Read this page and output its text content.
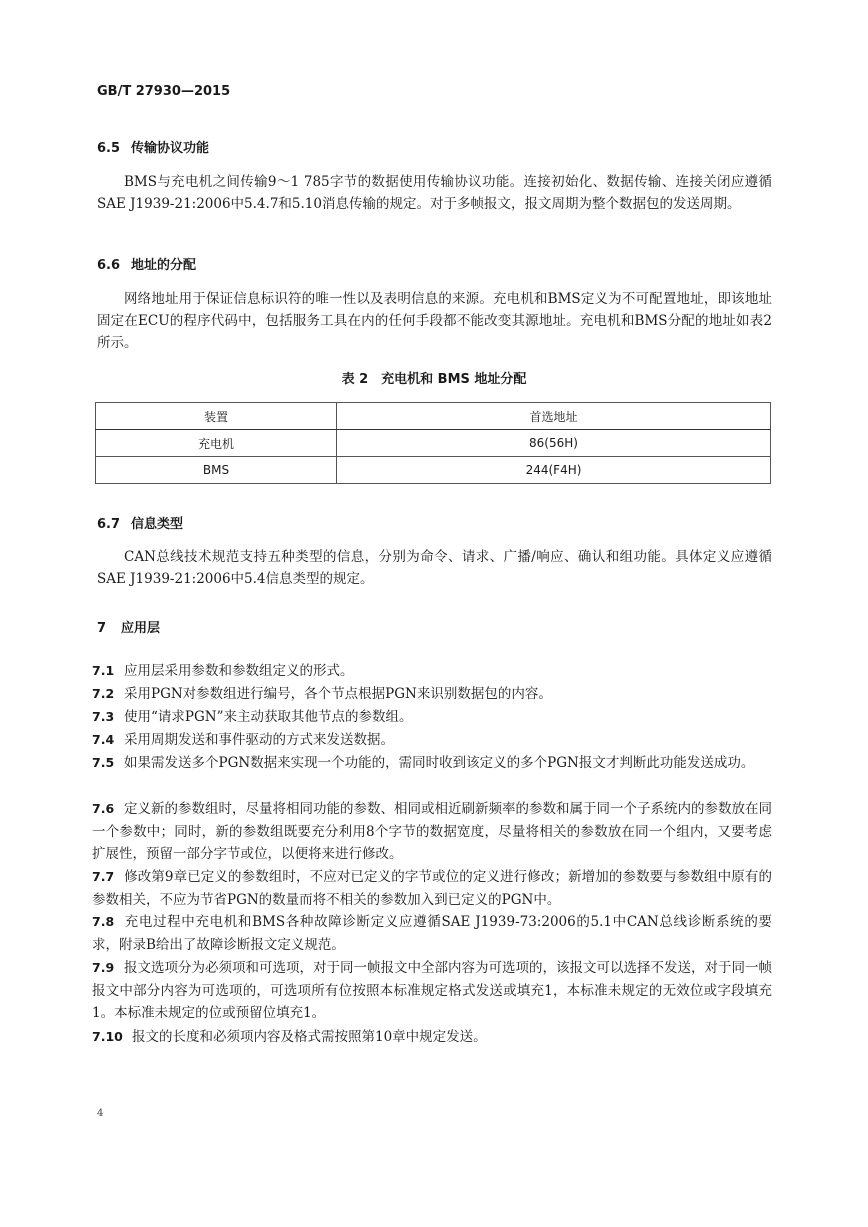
GB/T 27930—2015
6.5 传输协议功能
BMS与充电机之间传输9～1 785字节的数据使用传输协议功能。连接初始化、数据传输、连接关闭应遵循SAE J1939-21:2006中5.4.7和5.10消息传输的规定。对于多帧报文，报文周期为整个数据包的发送周期。
6.6 地址的分配
网络地址用于保证信息标识符的唯一性以及表明信息的来源。充电机和BMS定义为不可配置地址，即该地址固定在ECU的程序代码中，包括服务工具在内的任何手段都不能改变其源地址。充电机和BMS分配的地址如表2所示。
表 2　充电机和 BMS 地址分配
装置	首选地址
充电机	86(56H)
BMS	244(F4H)
6.7 信息类型
CAN总线技术规范支持五种类型的信息，分别为命令、请求、广播/响应、确认和组功能。具体定义应遵循SAE J1939-21:2006中5.4信息类型的规定。
7 应用层
7.1 应用层采用参数和参数组定义的形式。
7.2 采用PGN对参数组进行编号，各个节点根据PGN来识别数据包的内容。
7.3 使用“请求PGN”来主动获取其他节点的参数组。
7.4 采用周期发送和事件驱动的方式来发送数据。
7.5 如果需发送多个PGN数据来实现一个功能的，需同时收到该定义的多个PGN报文才判断此功能发送成功。
7.6 定义新的参数组时，尽量将相同功能的参数、相同或相近刷新频率的参数和属于同一个子系统内的参数放在同一个参数中；同时，新的参数组既要充分利用8个字节的数据宽度，尽量将相关的参数放在同一个组内，又要考虑扩展性，预留一部分字节或位，以便将来进行修改。
7.7 修改第9章已定义的参数组时，不应对已定义的字节或位的定义进行修改；新增加的参数要与参数组中原有的参数相关，不应为节省PGN的数量而将不相关的参数加入到已定义的PGN中。
7.8 充电过程中充电机和BMS各种故障诊断定义应遵循SAE J1939-73:2006的5.1中CAN总线诊断系统的要求，附录B给出了故障诊断报文定义规范。
7.9 报文选项分为必须项和可选项，对于同一帧报文中全部内容为可选项的，该报文可以选择不发送，对于同一帧报文中部分内容为可选项的，可选项所有位按照本标准规定格式发送或填充1，本标准未规定的无效位或字段填充1。本标准未规定的位或预留位填充1。
7.10 报文的长度和必须项内容及格式需按照第10章中规定发送。
4
